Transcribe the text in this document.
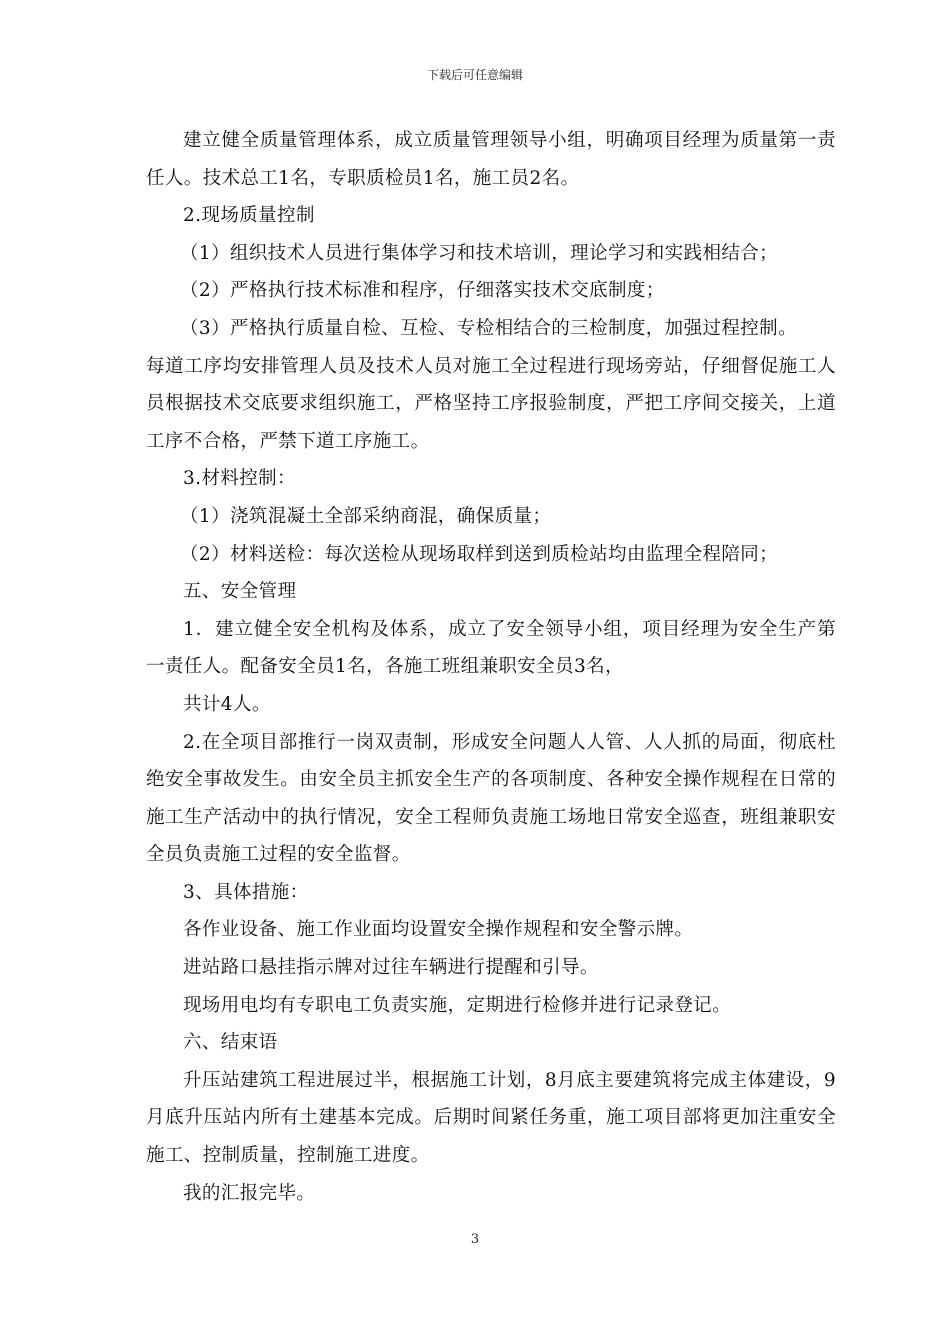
下载后可任意编辑

建立健全质量管理体系，成立质量管理领导小组，明确项目经理为质量第一责任人。技术总工1名，专职质检员1名，施工员2名。

2.现场质量控制

（1）组织技术人员进行集体学习和技术培训，理论学习和实践相结合；

（2）严格执行技术标准和程序，仔细落实技术交底制度；

（3）严格执行质量自检、互检、专检相结合的三检制度，加强过程控制。

每道工序均安排管理人员及技术人员对施工全过程进行现场旁站，仔细督促施工人员根据技术交底要求组织施工，严格坚持工序报验制度，严把工序间交接关，上道工序不合格，严禁下道工序施工。

3.材料控制：

（1）浇筑混凝土全部采纳商混，确保质量；

（2）材料送检：每次送检从现场取样到送到质检站均由监理全程陪同；

五、安全管理

1．建立健全安全机构及体系，成立了安全领导小组，项目经理为安全生产第一责任人。配备安全员1名，各施工班组兼职安全员3名，

共计4人。

2.在全项目部推行一岗双责制，形成安全问题人人管、人人抓的局面，彻底杜绝安全事故发生。由安全员主抓安全生产的各项制度、各种安全操作规程在日常的施工生产活动中的执行情况，安全工程师负责施工场地日常安全巡查，班组兼职安全员负责施工过程的安全监督。

3、具体措施：

各作业设备、施工作业面均设置安全操作规程和安全警示牌。

进站路口悬挂指示牌对过往车辆进行提醒和引导。

现场用电均有专职电工负责实施，定期进行检修并进行记录登记。

六、结束语

升压站建筑工程进展过半，根据施工计划，8月底主要建筑将完成主体建设，9月底升压站内所有土建基本完成。后期时间紧任务重，施工项目部将更加注重安全施工、控制质量，控制施工进度。

我的汇报完毕。

3
